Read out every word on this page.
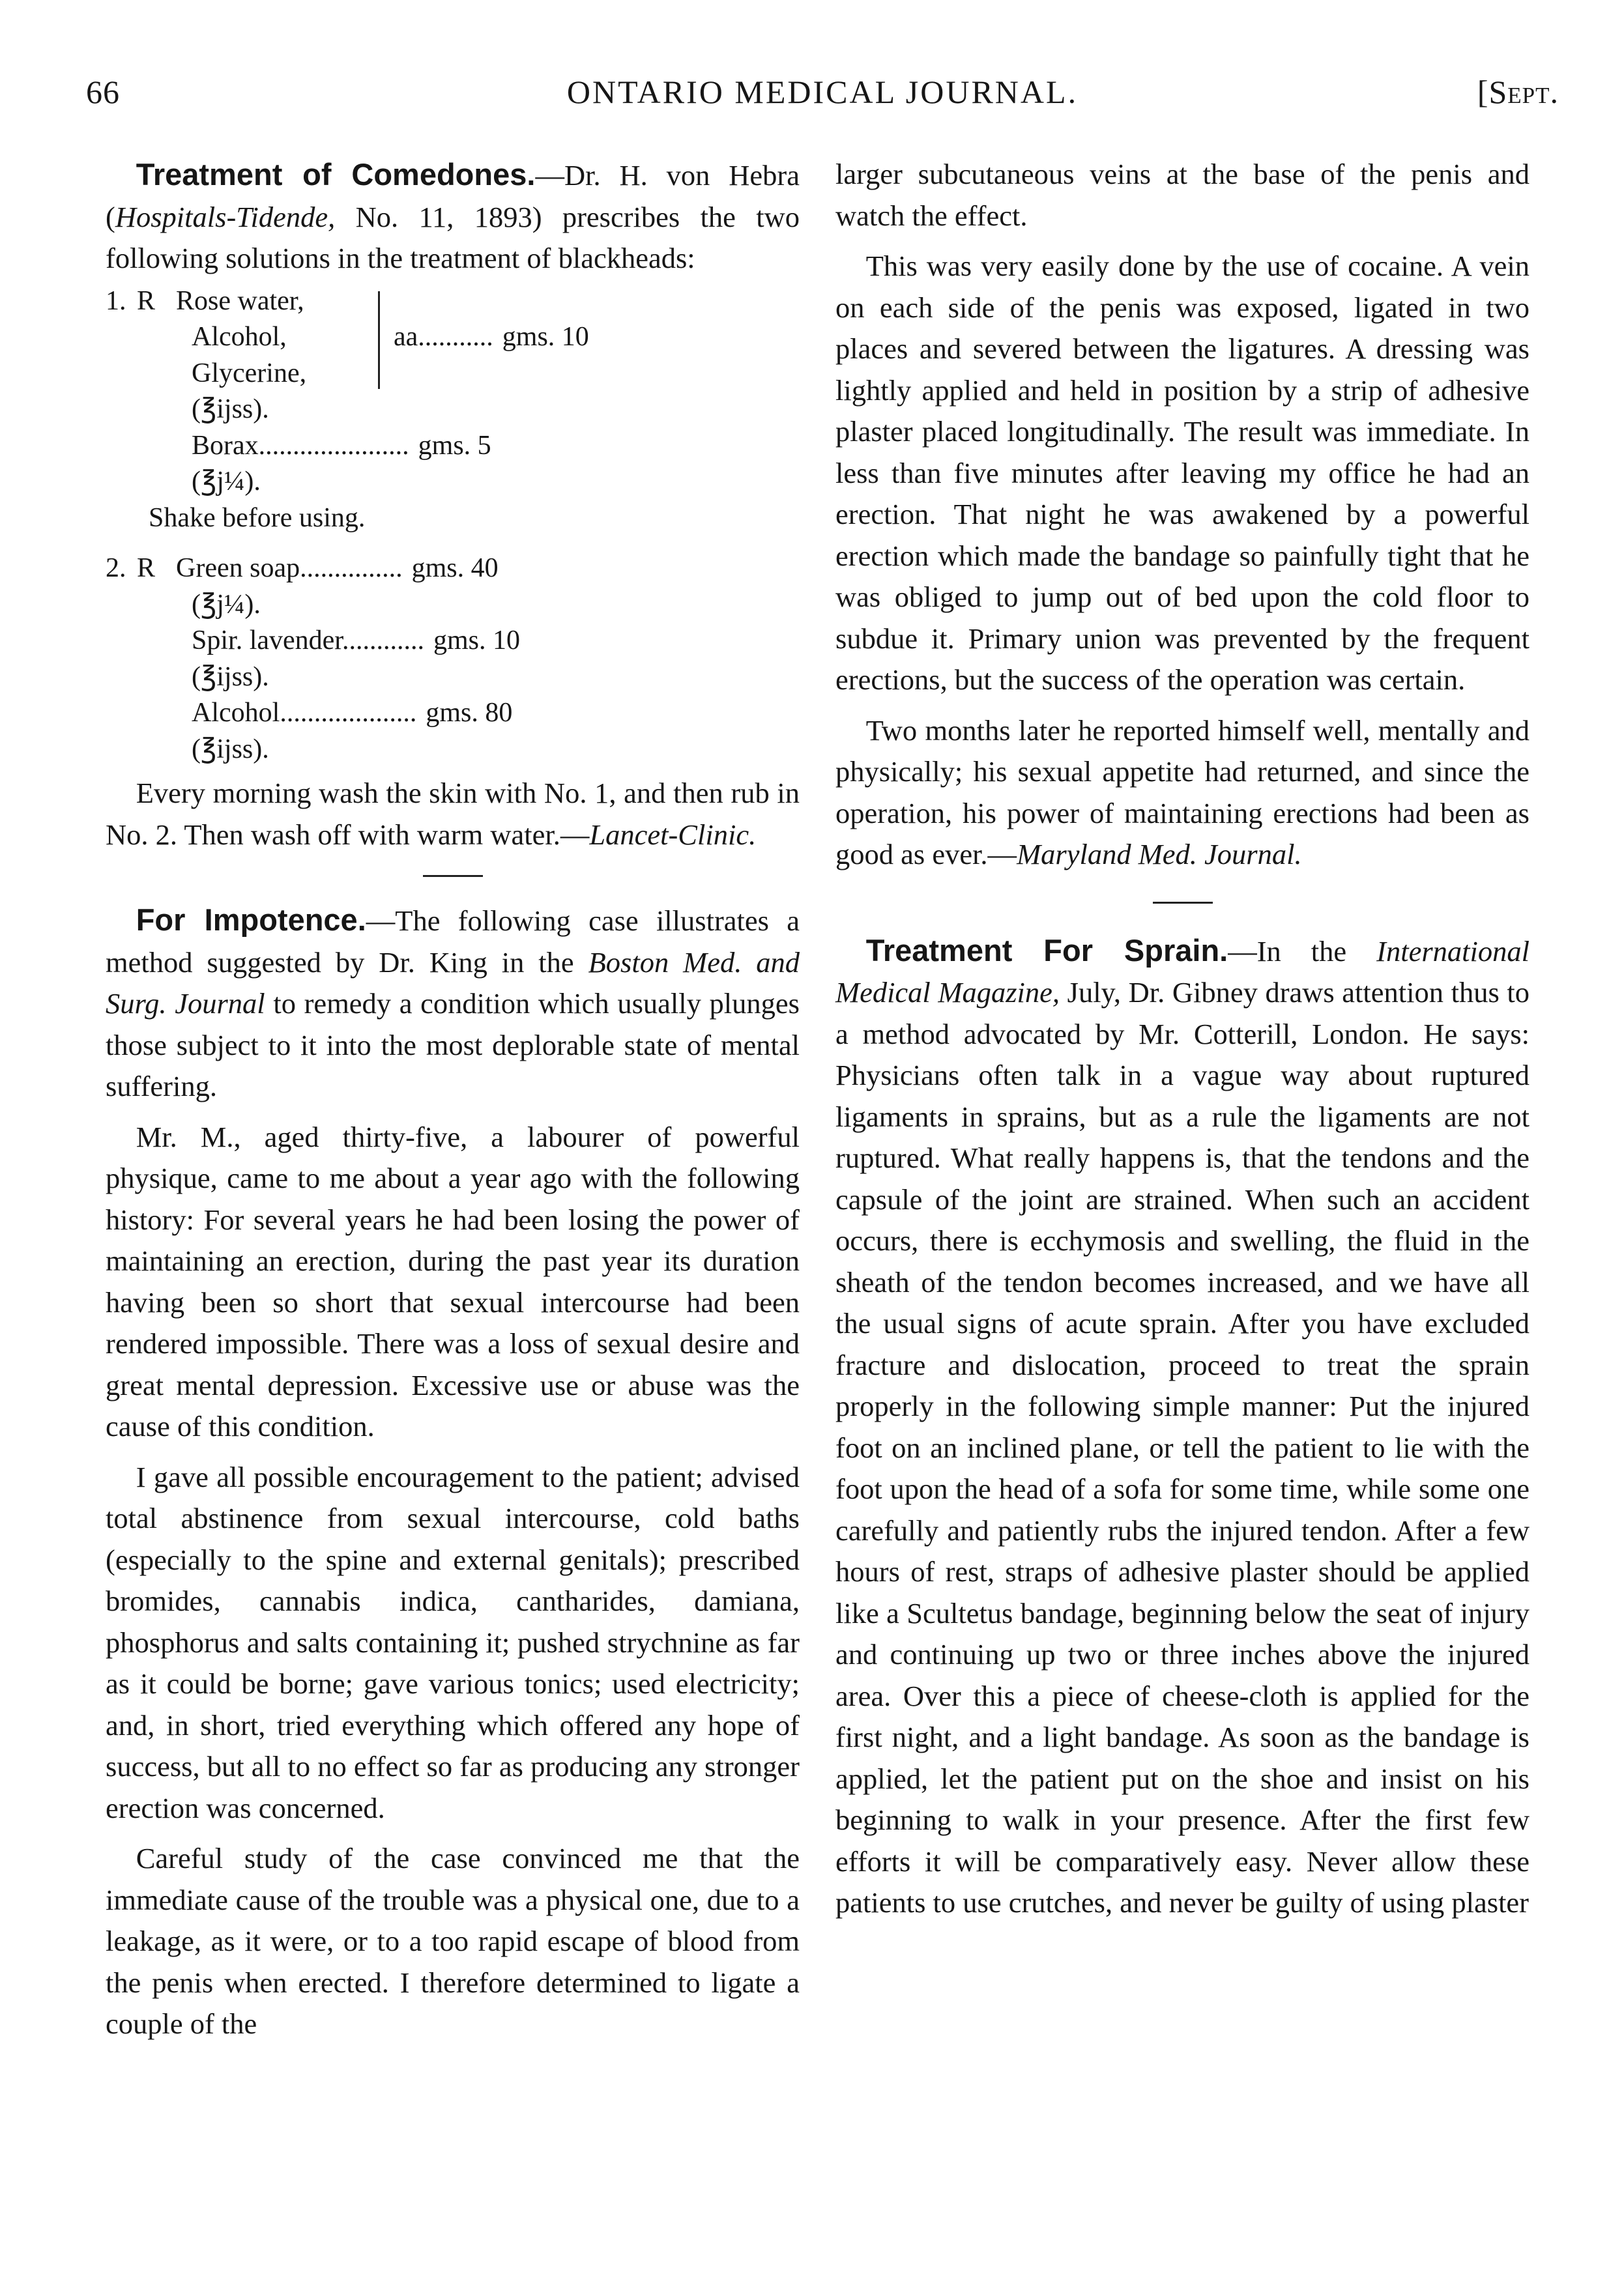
66	ONTARIO MEDICAL JOURNAL.	[Sept.

Treatment of Comedones.—Dr. H. von Hebra (Hospitals-Tidende, No. 11, 1893) prescribes the two following solutions in the treatment of blackheads:

1. R Rose water,
Alcohol,	aa........... gms. 10
Glycerine,
(℥ijss).
Borax...................... gms. 5
(℥j¼).
Shake before using.
2. R Green soap............... gms. 40
(℥j¼).
Spir. lavender............ gms. 10
(℥ijss).
Alcohol.................... gms. 80
(℥ijss).

Every morning wash the skin with No. 1, and then rub in No. 2. Then wash off with warm water.—Lancet-Clinic.

For Impotence.—The following case illustrates a method suggested by Dr. King in the Boston Med. and Surg. Journal to remedy a condition which usually plunges those subject to it into the most deplorable state of mental suffering.

Mr. M., aged thirty-five, a labourer of powerful physique, came to me about a year ago with the following history: For several years he had been losing the power of maintaining an erection, during the past year its duration having been so short that sexual intercourse had been rendered impossible. There was a loss of sexual desire and great mental depression. Excessive use or abuse was the cause of this condition.

I gave all possible encouragement to the patient; advised total abstinence from sexual intercourse, cold baths (especially to the spine and external genitals); prescribed bromides, cannabis indica, cantharides, damiana, phosphorus and salts containing it; pushed strychnine as far as it could be borne; gave various tonics; used electricity; and, in short, tried everything which offered any hope of success, but all to no effect so far as producing any stronger erection was concerned.

Careful study of the case convinced me that the immediate cause of the trouble was a physical one, due to a leakage, as it were, or to a too rapid escape of blood from the penis when erected. I therefore determined to ligate a couple of the

larger subcutaneous veins at the base of the penis and watch the effect.

This was very easily done by the use of cocaine. A vein on each side of the penis was exposed, ligated in two places and severed between the ligatures. A dressing was lightly applied and held in position by a strip of adhesive plaster placed longitudinally. The result was immediate. In less than five minutes after leaving my office he had an erection. That night he was awakened by a powerful erection which made the bandage so painfully tight that he was obliged to jump out of bed upon the cold floor to subdue it. Primary union was prevented by the frequent erections, but the success of the operation was certain.

Two months later he reported himself well, mentally and physically; his sexual appetite had returned, and since the operation, his power of maintaining erections had been as good as ever.—Maryland Med. Journal.

Treatment For Sprain.—In the International Medical Magazine, July, Dr. Gibney draws attention thus to a method advocated by Mr. Cotterill, London. He says: Physicians often talk in a vague way about ruptured ligaments in sprains, but as a rule the ligaments are not ruptured. What really happens is, that the tendons and the capsule of the joint are strained. When such an accident occurs, there is ecchymosis and swelling, the fluid in the sheath of the tendon becomes increased, and we have all the usual signs of acute sprain. After you have excluded fracture and dislocation, proceed to treat the sprain properly in the following simple manner: Put the injured foot on an inclined plane, or tell the patient to lie with the foot upon the head of a sofa for some time, while some one carefully and patiently rubs the injured tendon. After a few hours of rest, straps of adhesive plaster should be applied like a Scultetus bandage, beginning below the seat of injury and continuing up two or three inches above the injured area. Over this a piece of cheese-cloth is applied for the first night, and a light bandage. As soon as the bandage is applied, let the patient put on the shoe and insist on his beginning to walk in your presence. After the first few efforts it will be comparatively easy. Never allow these patients to use crutches, and never be guilty of using plaster
